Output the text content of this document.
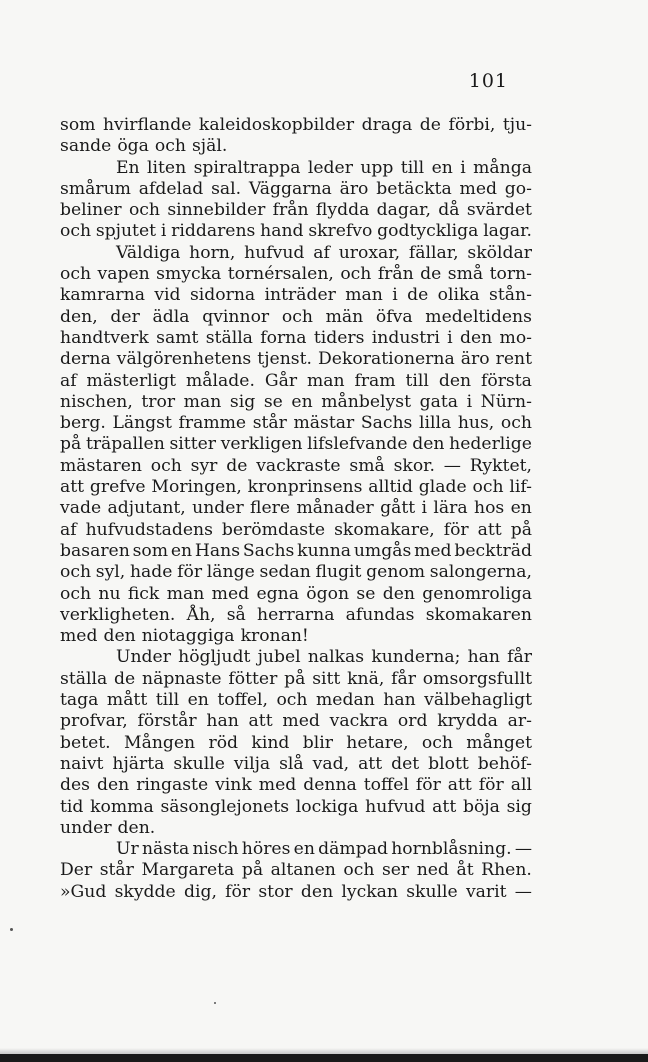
101
som hvirflande kaleidoskopbilder draga de förbi, tju-
sande öga och själ.
En liten spiraltrappa leder upp till en i många
smårum afdelad sal. Väggarna äro betäckta med go-
beliner och sinnebilder från flydda dagar, då svärdet
och spjutet i riddarens hand skrefvo godtyckliga lagar.
Väldiga horn, hufvud af uroxar, fällar, sköldar
och vapen smycka tornérsalen, och från de små torn-
kamrarna vid sidorna inträder man i de olika stån-
den, der ädla qvinnor och män öfva medeltidens
handtverk samt ställa forna tiders industri i den mo-
derna välgörenhetens tjenst. Dekorationerna äro rent
af mästerligt målade. Går man fram till den första
nischen, tror man sig se en månbelyst gata i Nürn-
berg. Längst framme står mästar Sachs lilla hus, och
på träpallen sitter verkligen lifslefvande den hederlige
mästaren och syr de vackraste små skor. — Ryktet,
att grefve Moringen, kronprinsens alltid glade och lif-
vade adjutant, under flere månader gått i lära hos en
af hufvudstadens berömdaste skomakare, för att på
basaren som en Hans Sachs kunna umgås med beckträd
och syl, hade för länge sedan flugit genom salongerna,
och nu fick man med egna ögon se den genomroliga
verkligheten. Åh, så herrarna afundas skomakaren
med den niotaggiga kronan!
Under högljudt jubel nalkas kunderna; han får
ställa de näpnaste fötter på sitt knä, får omsorgsfullt
taga mått till en toffel, och medan han välbehagligt
profvar, förstår han att med vackra ord krydda ar-
betet. Mången röd kind blir hetare, och månget
naivt hjärta skulle vilja slå vad, att det blott behöf-
des den ringaste vink med denna toffel för att för all
tid komma säsonglejonets lockiga hufvud att böja sig
under den.
Ur nästa nisch höres en dämpad hornblåsning. —
Der står Margareta på altanen och ser ned åt Rhen.
»Gud skydde dig, för stor den lyckan skulle varit —
